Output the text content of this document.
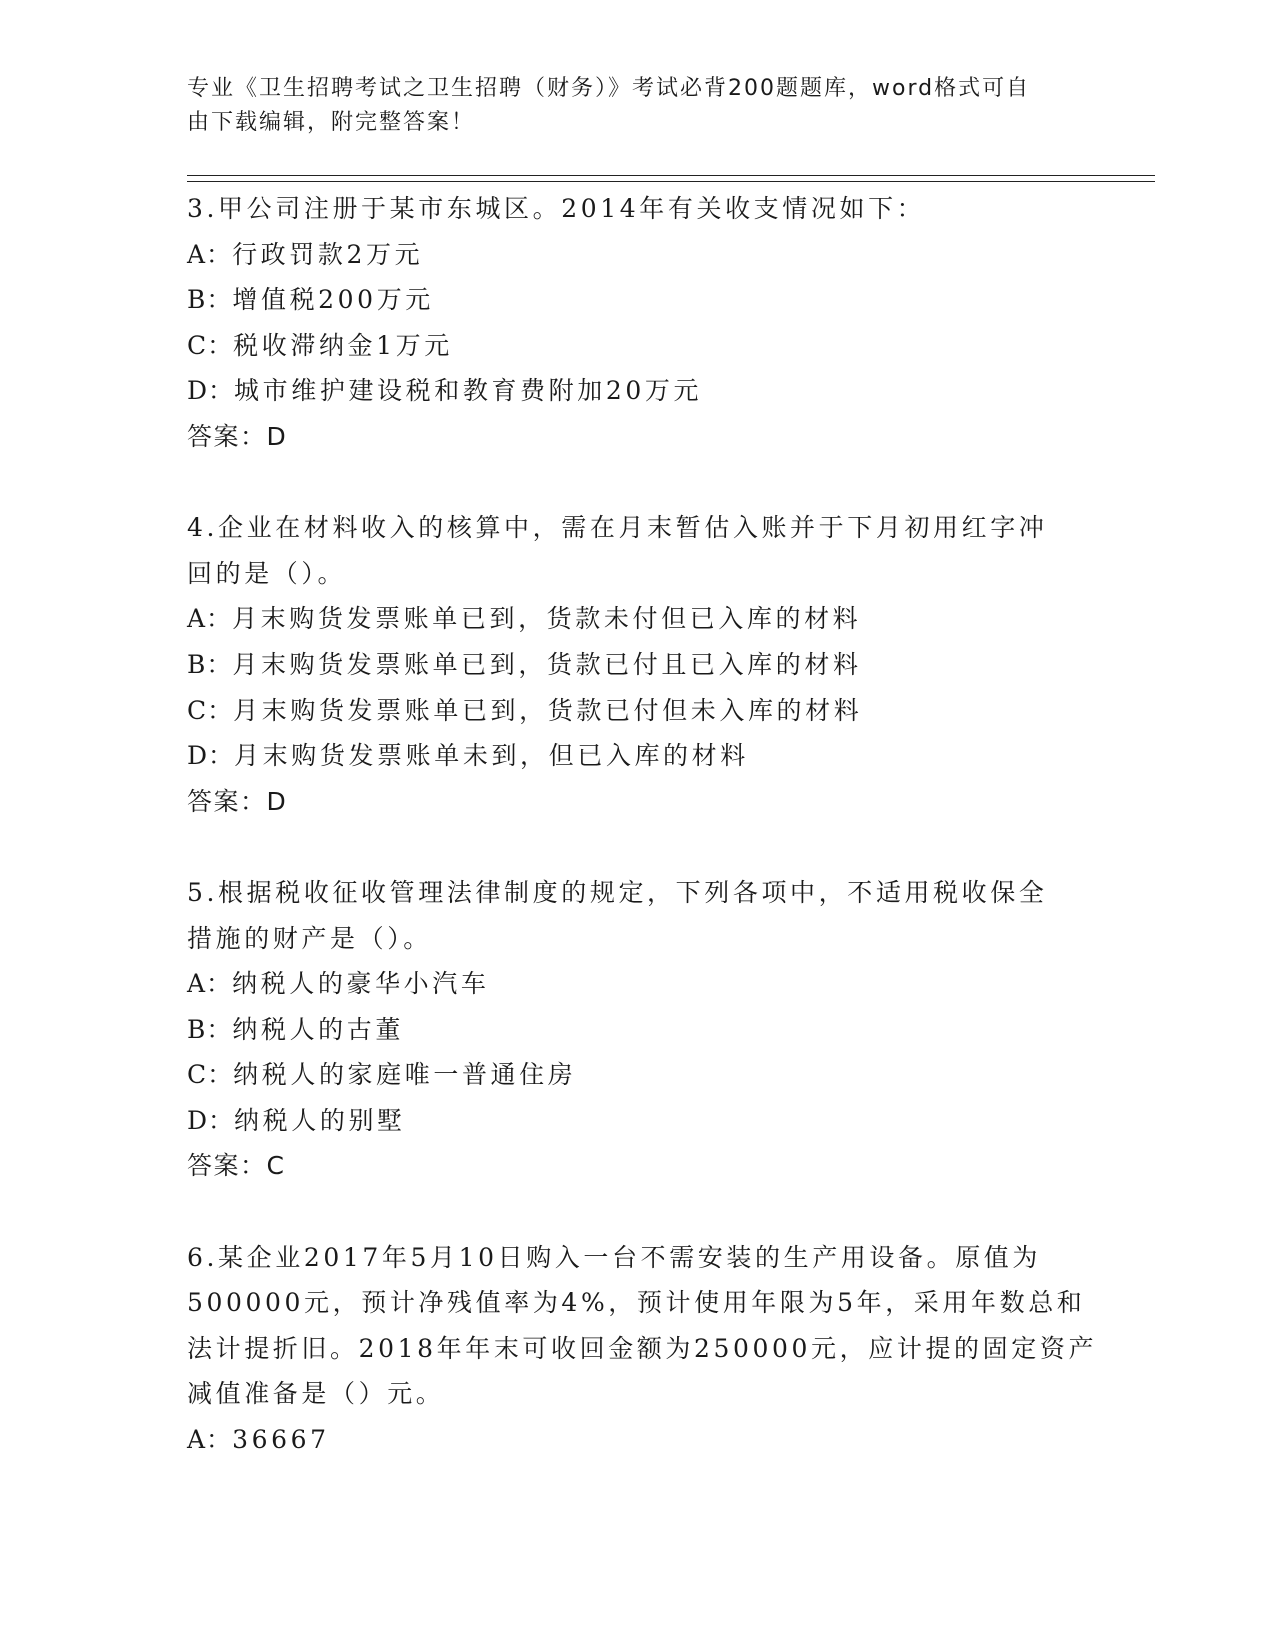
专业《卫生招聘考试之卫生招聘（财务）》考试必背200题题库，word格式可自
由下载编辑，附完整答案！
3.甲公司注册于某市东城区。2014年有关收支情况如下：
A：行政罚款2万元
B：增值税200万元
C：税收滞纳金1万元
D：城市维护建设税和教育费附加20万元
答案：D
4.企业在材料收入的核算中，需在月末暂估入账并于下月初用红字冲
回的是（）。
A：月末购货发票账单已到，货款未付但已入库的材料
B：月末购货发票账单已到，货款已付且已入库的材料
C：月末购货发票账单已到，货款已付但未入库的材料
D：月末购货发票账单未到，但已入库的材料
答案：D
5.根据税收征收管理法律制度的规定，下列各项中，不适用税收保全
措施的财产是（）。
A：纳税人的豪华小汽车
B：纳税人的古董
C：纳税人的家庭唯一普通住房
D：纳税人的别墅
答案：C
6.某企业2017年5月10日购入一台不需安装的生产用设备。原值为
500000元，预计净残值率为4%，预计使用年限为5年，采用年数总和
法计提折旧。2018年年末可收回金额为250000元，应计提的固定资产
减值准备是（）元。
A：36667
